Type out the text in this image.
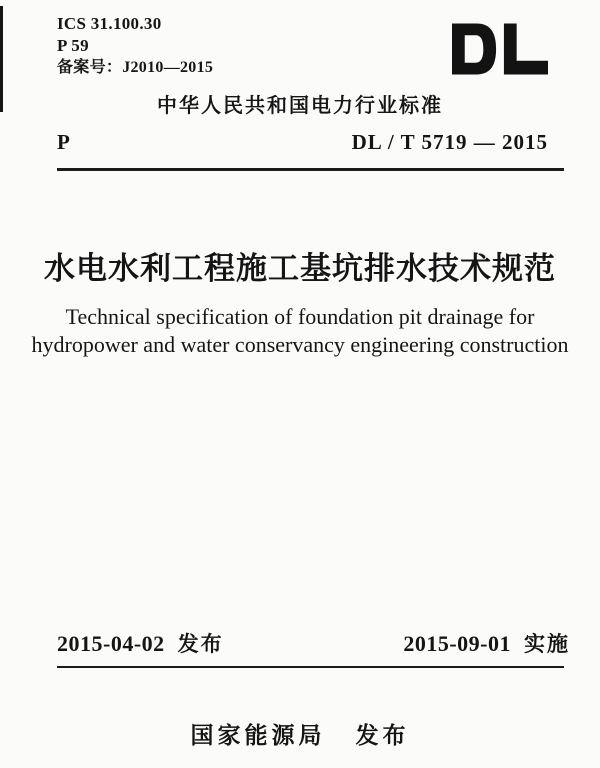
ICS 31.100.30
P 59
备案号：J2010—2015
中华人民共和国电力行业标准
P	DL / T 5719 — 2015
水电水利工程施工基坑排水技术规范
Technical specification of foundation pit drainage for
hydropower and water conservancy engineering construction
2015-04-02 发布	2015-09-01 实施
国家能源局 发布
